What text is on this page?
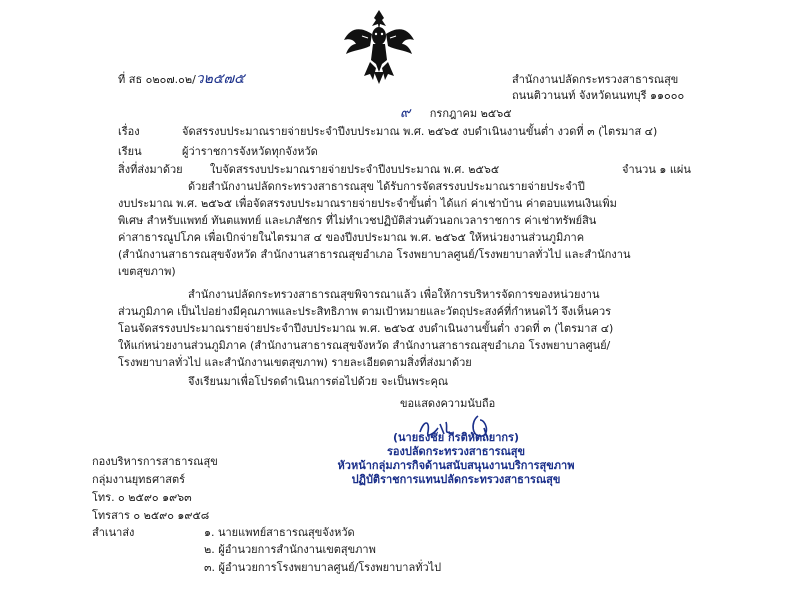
ที่ สธ ๐๒๐๗.๐๒/ว๒๕๗๕	สำนักงานปลัดกระทรวงสาธารณสุข
ถนนติวานนท์ จังหวัดนนทบุรี ๑๑๐๐๐
๙ กรกฎาคม ๒๕๖๕
เรื่อง	จัดสรรงบประมาณรายจ่ายประจำปีงบประมาณ พ.ศ. ๒๕๖๕ งบดำเนินงานขั้นต่ำ งวดที่ ๓ (ไตรมาส ๔)
เรียน	ผู้ว่าราชการจังหวัดทุกจังหวัด
สิ่งที่ส่งมาด้วย ใบจัดสรรงบประมาณรายจ่ายประจำปีงบประมาณ พ.ศ. ๒๕๖๕	จำนวน ๑ แผ่น
ด้วยสำนักงานปลัดกระทรวงสาธารณสุข ได้รับการจัดสรรงบประมาณรายจ่ายประจำปี
งบประมาณ พ.ศ. ๒๕๖๕ เพื่อจัดสรรงบประมาณรายจ่ายประจำขั้นต่ำ ได้แก่ ค่าเช่าบ้าน ค่าตอบแทนเงินเพิ่ม
พิเศษ สำหรับแพทย์ ทันตแพทย์ และเภสัชกร ที่ไม่ทำเวชปฏิบัติส่วนตัวนอกเวลาราชการ ค่าเช่าทรัพย์สิน
ค่าสาธารณูปโภค เพื่อเบิกจ่ายในไตรมาส ๔ ของปีงบประมาณ พ.ศ. ๒๕๖๕ ให้หน่วยงานส่วนภูมิภาค
(สำนักงานสาธารณสุขจังหวัด สำนักงานสาธารณสุขอำเภอ โรงพยาบาลศูนย์/โรงพยาบาลทั่วไป และสำนักงาน
เขตสุขภาพ)
สำนักงานปลัดกระทรวงสาธารณสุขพิจารณาแล้ว เพื่อให้การบริหารจัดการของหน่วยงาน
ส่วนภูมิภาค เป็นไปอย่างมีคุณภาพและประสิทธิภาพ ตามเป้าหมายและวัตถุประสงค์ที่กำหนดไว้ จึงเห็นควร
โอนจัดสรรงบประมาณรายจ่ายประจำปีงบประมาณ พ.ศ. ๒๕๖๕ งบดำเนินงานขั้นต่ำ งวดที่ ๓ (ไตรมาส ๔)
ให้แก่หน่วยงานส่วนภูมิภาค (สำนักงานสาธารณสุขจังหวัด สำนักงานสาธารณสุขอำเภอ โรงพยาบาลศูนย์/
โรงพยาบาลทั่วไป และสำนักงานเขตสุขภาพ) รายละเอียดตามสิ่งที่ส่งมาด้วย
จึงเรียนมาเพื่อโปรดดำเนินการต่อไปด้วย จะเป็นพระคุณ
ขอแสดงความนับถือ
(นายธงชัย กีรติหัตถยากร)
รองปลัดกระทรวงสาธารณสุข
หัวหน้ากลุ่มภารกิจด้านสนับสนุนงานบริการสุขภาพ
ปฏิบัติราชการแทนปลัดกระทรวงสาธารณสุข
กองบริหารการสาธารณสุข
กลุ่มงานยุทธศาสตร์
โทร. ๐ ๒๕๙๐ ๑๙๖๓
โทรสาร ๐ ๒๕๙๐ ๑๙๕๘
สำเนาส่ง	๑. นายแพทย์สาธารณสุขจังหวัด
๒. ผู้อำนวยการสำนักงานเขตสุขภาพ
๓. ผู้อำนวยการโรงพยาบาลศูนย์/โรงพยาบาลทั่วไป
